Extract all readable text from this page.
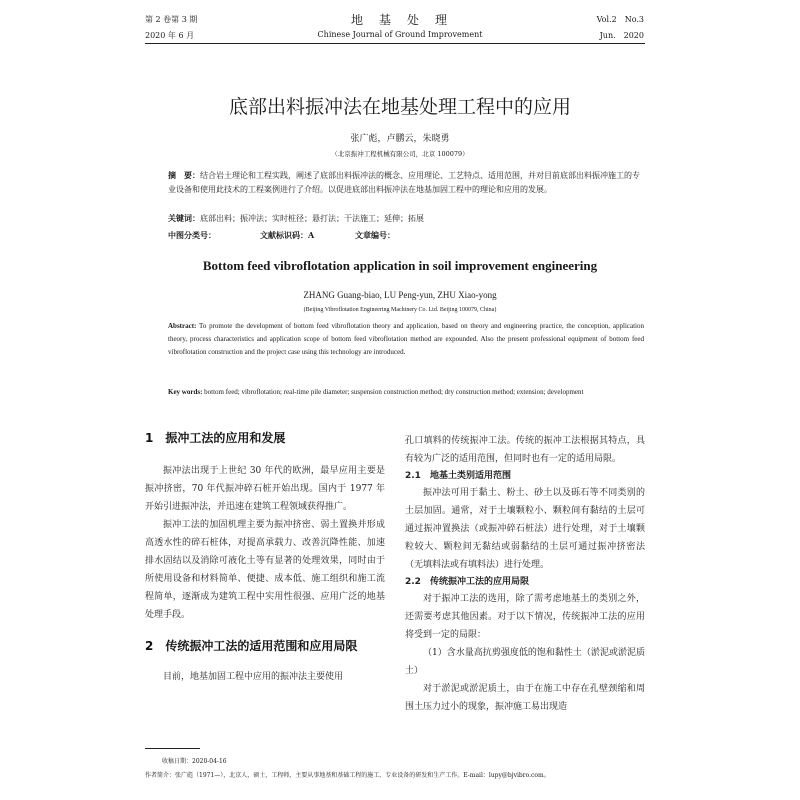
第 2 卷第 3 期
2020 年 6 月
地　基　处　理
Chinese Journal of Ground Improvement
Vol.2　No.3
Jun.　2020
底部出料振冲法在地基处理工程中的应用
张广彪，卢鹏云，朱晓勇
（北京振冲工程机械有限公司，北京 100079）
摘　要：结合岩土理论和工程实践，阐述了底部出料振冲法的概念、应用理论、工艺特点、适用范围，并对目前底部出料振冲施工的专业设备和使用此技术的工程案例进行了介绍。以促进底部出料振冲法在地基加固工程中的理论和应用的发展。
关键词：底部出料；振冲法；实时桩径；悬打法；干法施工；延伸；拓展
中图分类号：	文献标识码：A	文章编号：
Bottom feed vibroflotation application in soil improvement engineering
ZHANG Guang-biao, LU Peng-yun, ZHU Xiao-yong
(Beijing Vibroflotation Engineering Machinery Co. Ltd. Beijing 100079, China)
Abstract: To promote the development of bottom feed vibroflotation theory and application, based on theory and engineering practice, the conception, application theory, process characteristics and application scope of bottom feed vibroflotation method are expounded. Also the present professional equipment of bottom feed vibroflotation construction and the project case using this technology are introduced.
Key words: bottom feed; vibroflotation; real-time pile diameter; suspension construction method; dry construction method; extension; development
1　振冲工法的应用和发展

振冲法出现于上世纪 30 年代的欧洲，最早应用主要是振冲挤密，70 年代振冲碎石桩开始出现。国内于 1977 年开始引进振冲法，并迅速在建筑工程领域获得推广。

振冲工法的加固机理主要为振冲挤密、弱土置换并形成高透水性的碎石桩体，对提高承载力、改善沉降性能、加速排水固结以及消除可液化土等有显著的处理效果，同时由于所使用设备和材料简单、便捷、成本低、施工组织和施工流程简单，逐渐成为建筑工程中实用性很强、应用广泛的地基处理手段。

2　传统振冲工法的适用范围和应用局限

目前，地基加固工程中应用的振冲法主要使用

孔口填料的传统振冲工法。传统的振冲工法根据其特点，具有较为广泛的适用范围，但同时也有一定的适用局限。

2.1　地基土类别适用范围

振冲法可用于黏土、粉土、砂土以及砾石等不同类别的土层加固。通常，对于土壤颗粒小、颗粒间有黏结的土层可通过振冲置换法（或振冲碎石桩法）进行处理，对于土壤颗粒较大、颗粒间无黏结或弱黏结的土层可通过振冲挤密法（无填料法或有填料法）进行处理。

2.2　传统振冲工法的应用局限

对于振冲工法的选用，除了需考虑地基土的类别之外，还需要考虑其他因素。对于以下情况，传统振冲工法的应用将受到一定的局限：

（1）含水量高抗剪强度低的饱和黏性土（淤泥或淤泥质土）

对于淤泥或淤泥质土，由于在施工中存在孔壁颈缩和周围土压力过小的现象，振冲施工易出现造

收稿日期：2020-04-16
作者简介：张广彪（1971—），北京人，硕士，工程师，主要从事地基和基础工程的施工、专业设备的研发和生产工作。E-mail：lupy@bjvibro.com。
